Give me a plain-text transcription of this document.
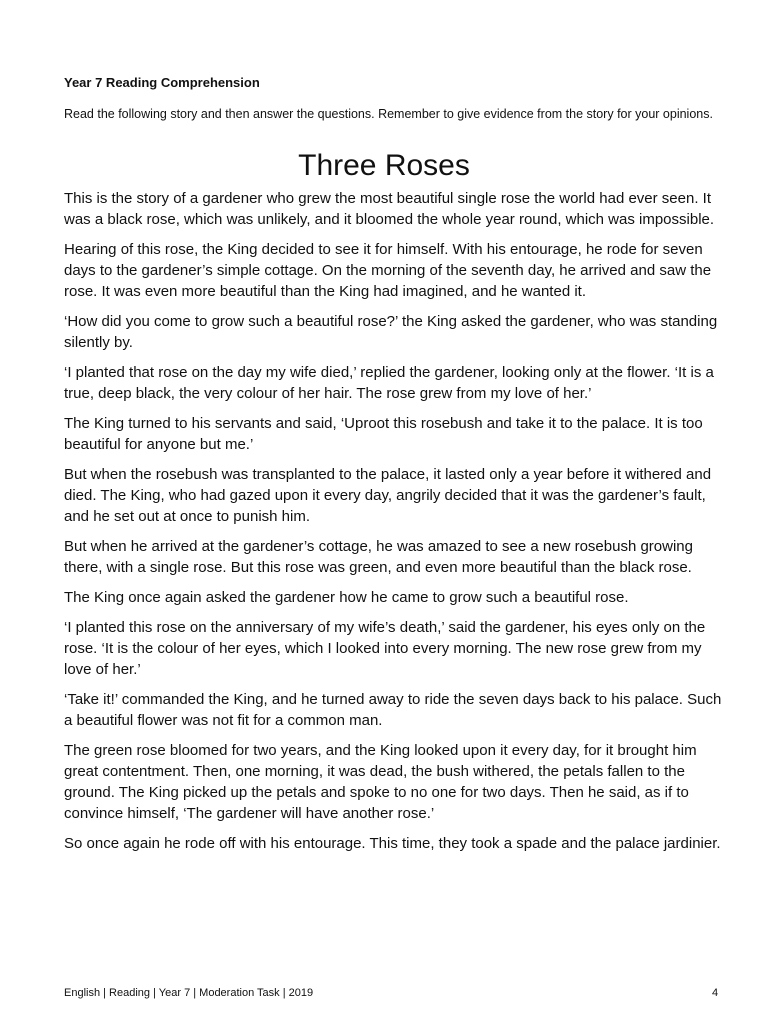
Year 7 Reading Comprehension
Read the following story and then answer the questions. Remember to give evidence from the story for your opinions.
Three Roses

This is the story of a gardener who grew the most beautiful single rose the world had ever seen. It was a black rose, which was unlikely, and it bloomed the whole year round, which was impossible.

Hearing of this rose, the King decided to see it for himself. With his entourage, he rode for seven days to the gardener’s simple cottage. On the morning of the seventh day, he arrived and saw the rose. It was even more beautiful than the King had imagined, and he wanted it.

‘How did you come to grow such a beautiful rose?’ the King asked the gardener, who was standing silently by.

‘I planted that rose on the day my wife died,’ replied the gardener, looking only at the flower. ‘It is a true, deep black, the very colour of her hair. The rose grew from my love of her.’

The King turned to his servants and said, ‘Uproot this rosebush and take it to the palace. It is too beautiful for anyone but me.’

But when the rosebush was transplanted to the palace, it lasted only a year before it withered and died. The King, who had gazed upon it every day, angrily decided that it was the gardener’s fault, and he set out at once to punish him.

But when he arrived at the gardener’s cottage, he was amazed to see a new rosebush growing there, with a single rose. But this rose was green, and even more beautiful than the black rose.

The King once again asked the gardener how he came to grow such a beautiful rose.

‘I planted this rose on the anniversary of my wife’s death,’ said the gardener, his eyes only on the rose. ‘It is the colour of her eyes, which I looked into every morning. The new rose grew from my love of her.’

‘Take it!’ commanded the King, and he turned away to ride the seven days back to his palace. Such a beautiful flower was not fit for a common man.

The green rose bloomed for two years, and the King looked upon it every day, for it brought him great contentment. Then, one morning, it was dead, the bush withered, the petals fallen to the ground. The King picked up the petals and spoke to no one for two days. Then he said, as if to convince himself, ‘The gardener will have another rose.’

So once again he rode off with his entourage. This time, they took a spade and the palace jardinier.

English | Reading | Year 7 | Moderation Task | 2019	4
